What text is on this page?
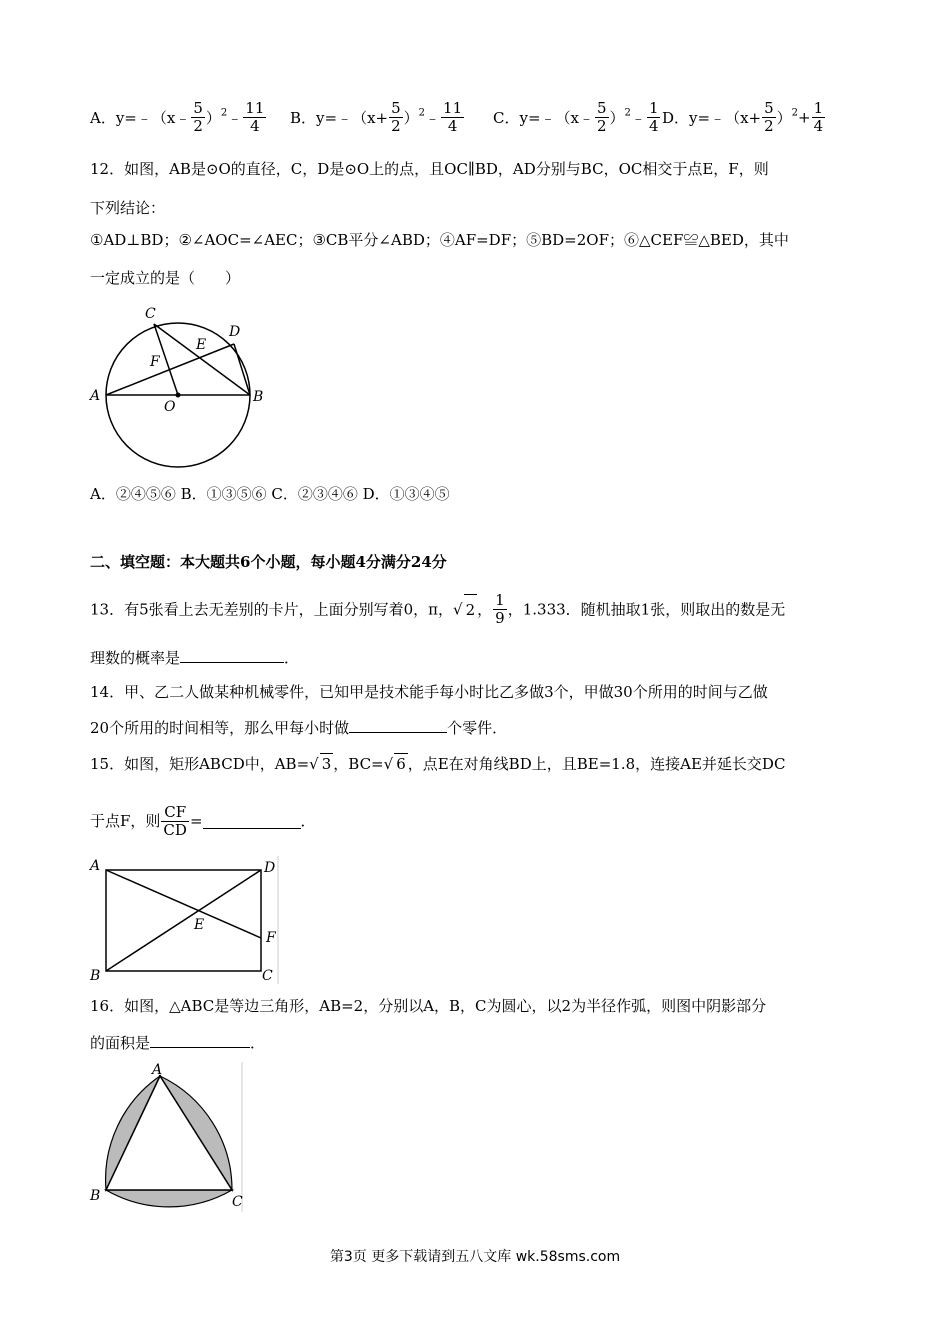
A．y=﹣（x﹣ $\frac{5}{2}$ ）$^2$﹣ $\frac{11}{4}$ B．y=﹣（x+ $\frac{5}{2}$ ）$^2$﹣ $\frac{11}{4}$ C．y=﹣（x﹣ $\frac{5}{2}$ ）$^2$﹣ $\frac{1}{4}$ D．y=﹣（x+ $\frac{5}{2} )^2+ \frac{1}{4}$
12．如图，AB是⊙O的直径，C，D是⊙O上的点，且OC∥BD，AD分别与BC，OC相交于点E，F，则
下列结论：
①AD⊥BD；②∠AOC=∠AEC；③CB平分∠ABD；④AF=DF；⑤BD=2OF；⑥△CEF≌△BED，其中
一定成立的是（　　）
A	B
C
D
E
F
O
A．②④⑤⑥ B．①③⑤⑥ C．②③④⑥ D．①③④⑤
二、填空题：本大题共6个小题，每小题4分满分24分
13．有5张看上去无差别的卡片，上面分别写着0，π，√ 2 ， $\frac{1}{9}$ ，1.333．随机抽取1张，则取出的数是无
理数的概率是	．
14．甲、乙二人做某种机械零件，已知甲是技术能手每小时比乙多做3个，甲做30个所用的时间与乙做
20个所用的时间相等，那么甲每小时做	个零件．
15．如图，矩形ABCD中，AB=√ 3 ，BC=√ 6 ，点E在对角线BD上，且BE=1.8，连接AE并延长交DC
于点F，则 $\frac{CF}{CD}$ =	．
A	D
E
F
B	C
16．如图，△ABC是等边三角形，AB=2，分别以A，B，C为圆心，以2为半径作弧，则图中阴影部分
的面积是	．
A
B	C
第3页 更多下载请到五八文库 wk.58sms.com
